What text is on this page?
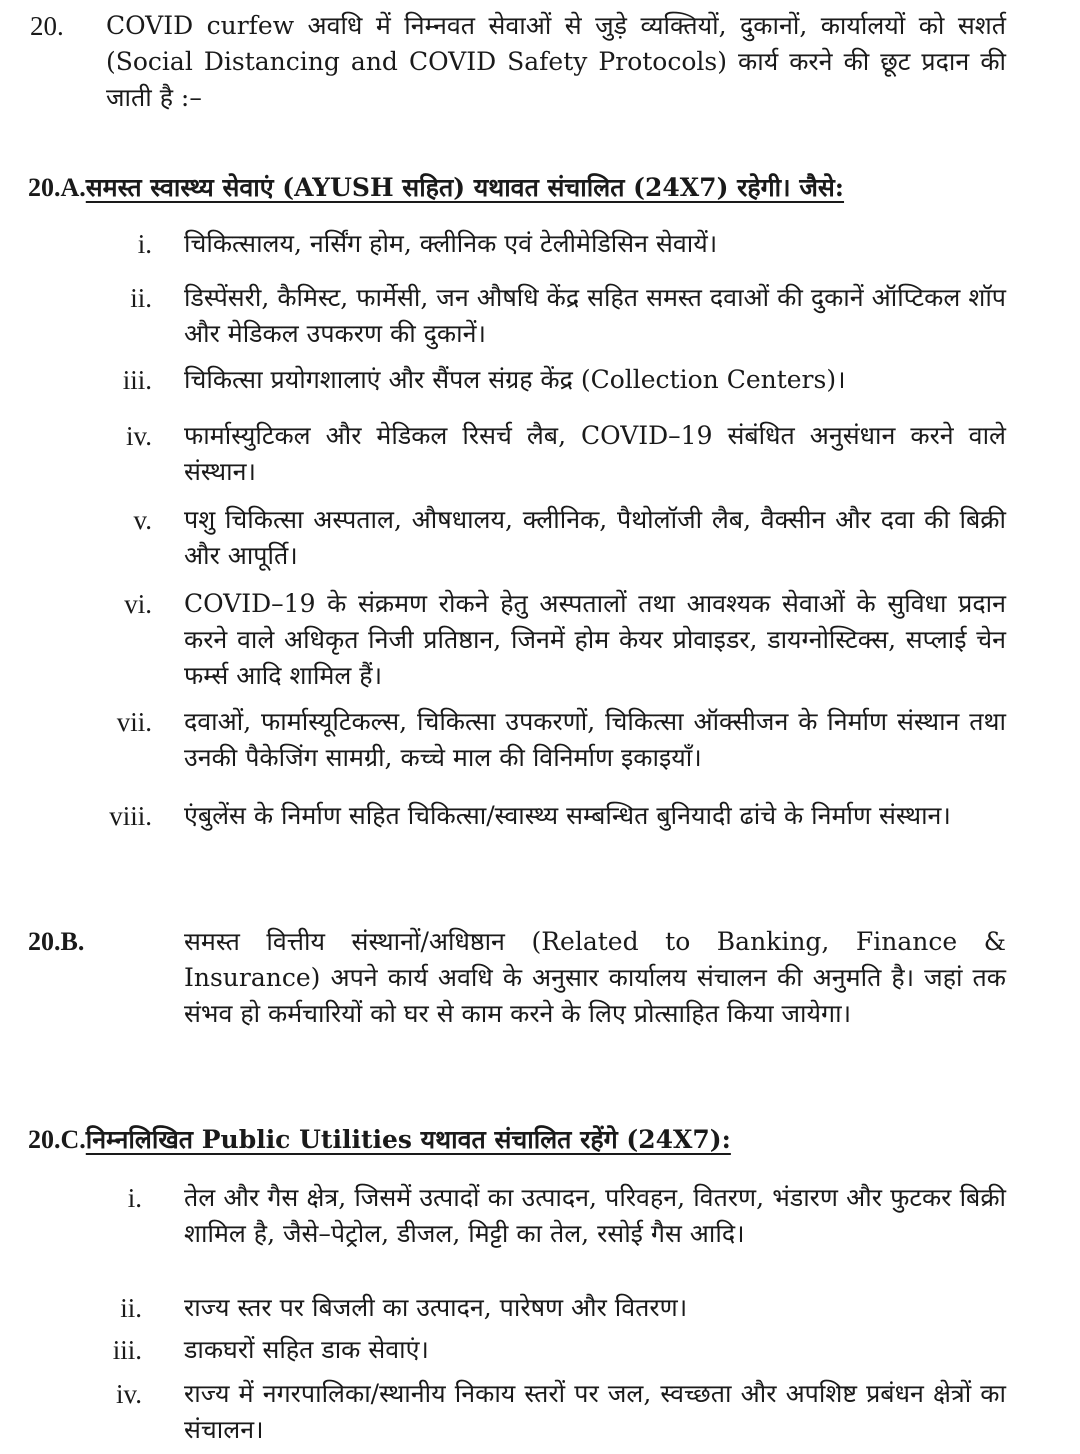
20. COVID curfew अवधि में निम्नवत सेवाओं से जुड़े व्यक्तियों, दुकानों, कार्यालयों को सशर्त (Social Distancing and COVID Safety Protocols) कार्य करने की छूट प्रदान की जाती है :–
20.A.समस्त स्वास्थ्य सेवाएं (AYUSH सहित) यथावत संचालित (24X7) रहेगी। जैसे:
i. चिकित्सालय, नर्सिंग होम, क्लीनिक एवं टेलीमेडिसिन सेवायें।
ii. डिस्पेंसरी, कैमिस्ट, फार्मेसी, जन औषधि केंद्र सहित समस्त दवाओं की दुकानें ऑप्टिकल शॉप और मेडिकल उपकरण की दुकानें।
iii. चिकित्सा प्रयोगशालाएं और सैंपल संग्रह केंद्र (Collection Centers)।
iv. फार्मास्युटिकल और मेडिकल रिसर्च लैब, COVID–19 संबंधित अनुसंधान करने वाले संस्थान।
v. पशु चिकित्सा अस्पताल, औषधालय, क्लीनिक, पैथोलॉजी लैब, वैक्सीन और दवा की बिक्री और आपूर्ति।
vi. COVID–19 के संक्रमण रोकने हेतु अस्पतालों तथा आवश्यक सेवाओं के सुविधा प्रदान करने वाले अधिकृत निजी प्रतिष्ठान, जिनमें होम केयर प्रोवाइडर, डायग्नोस्टिक्स, सप्लाई चेन फर्म्स आदि शामिल हैं।
vii. दवाओं, फार्मास्यूटिकल्स, चिकित्सा उपकरणों, चिकित्सा ऑक्सीजन के निर्माण संस्थान तथा उनकी पैकेजिंग सामग्री, कच्चे माल की विनिर्माण इकाइयाँ।
viii. एंबुलेंस के निर्माण सहित चिकित्सा/स्वास्थ्य सम्बन्धित बुनियादी ढांचे के निर्माण संस्थान।
20.B.	समस्त वित्तीय संस्थानों/अधिष्ठान (Related to Banking, Finance & Insurance) अपने कार्य अवधि के अनुसार कार्यालय संचालन की अनुमति है। जहां तक संभव हो कर्मचारियों को घर से काम करने के लिए प्रोत्साहित किया जायेगा।
20.C.निम्नलिखित Public Utilities यथावत संचालित रहेंगे (24X7):
i. तेल और गैस क्षेत्र, जिसमें उत्पादों का उत्पादन, परिवहन, वितरण, भंडारण और फुटकर बिक्री शामिल है, जैसे–पेट्रोल, डीजल, मिट्टी का तेल, रसोई गैस आदि।
ii. राज्य स्तर पर बिजली का उत्पादन, पारेषण और वितरण।
iii. डाकघरों सहित डाक सेवाएं।
iv. राज्य में नगरपालिका/स्थानीय निकाय स्तरों पर जल, स्वच्छता और अपशिष्ट प्रबंधन क्षेत्रों का संचालन।
